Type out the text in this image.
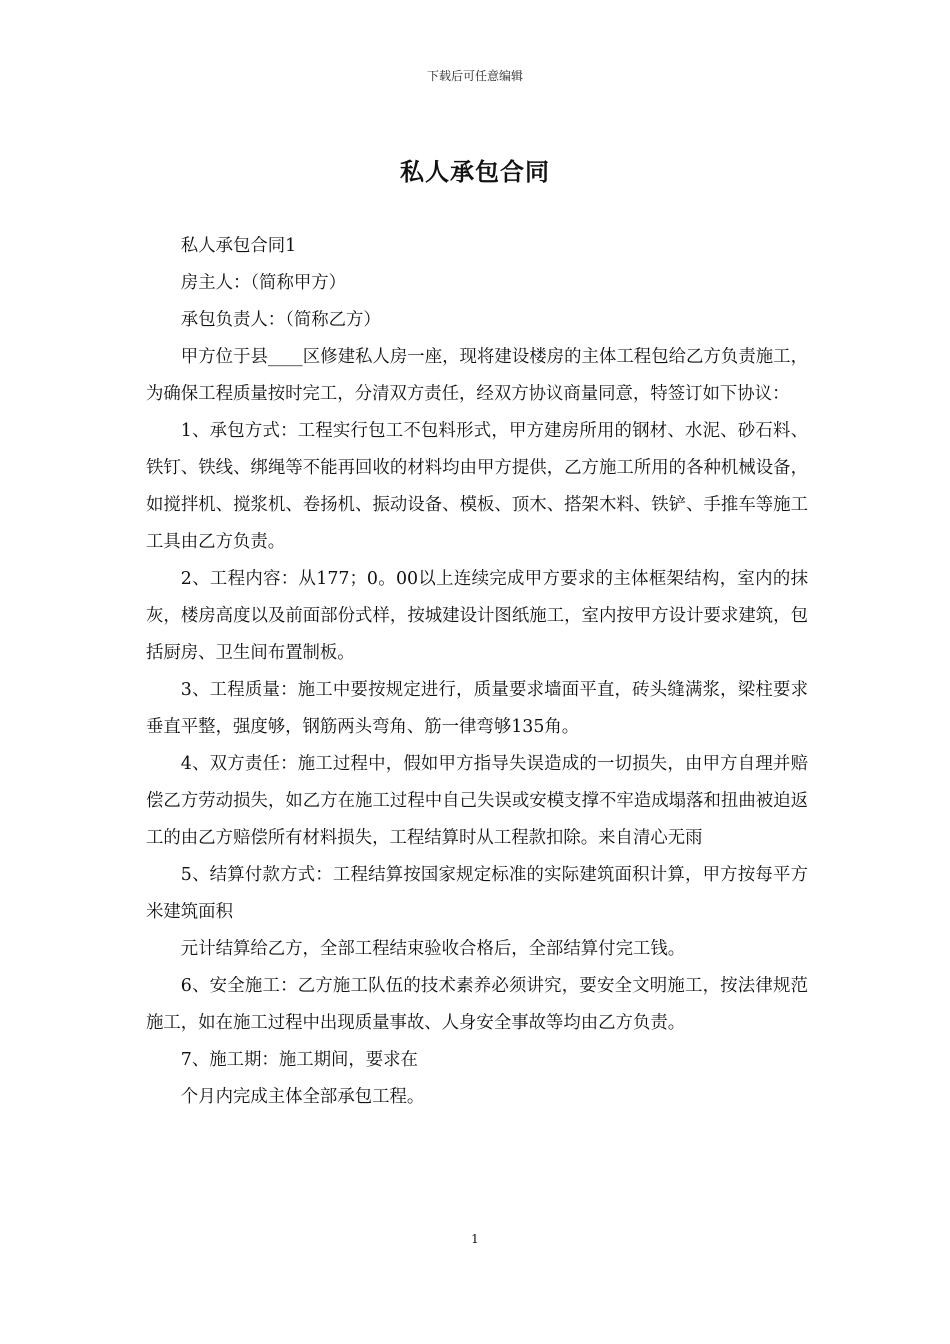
下载后可任意编辑
私人承包合同

私人承包合同1

房主人：（简称甲方）

承包负责人：（简称乙方）

甲方位于县____区修建私人房一座，现将建设楼房的主体工程包给乙方负责施工，为确保工程质量按时完工，分清双方责任，经双方协议商量同意，特签订如下协议：

1、承包方式：工程实行包工不包料形式，甲方建房所用的钢材、水泥、砂石料、铁钉、铁线、绑绳等不能再回收的材料均由甲方提供，乙方施工所用的各种机械设备，如搅拌机、搅浆机、卷扬机、振动设备、模板、顶木、搭架木料、铁铲、手推车等施工工具由乙方负责。

2、工程内容：从177；0。00以上连续完成甲方要求的主体框架结构，室内的抹灰，楼房高度以及前面部份式样，按城建设计图纸施工，室内按甲方设计要求建筑，包括厨房、卫生间布置制板。

3、工程质量：施工中要按规定进行，质量要求墙面平直，砖头缝满浆，梁柱要求垂直平整，强度够，钢筋两头弯角、筋一律弯够135角。

4、双方责任：施工过程中，假如甲方指导失误造成的一切损失，由甲方自理并赔偿乙方劳动损失，如乙方在施工过程中自己失误或安模支撑不牢造成塌落和扭曲被迫返工的由乙方赔偿所有材料损失，工程结算时从工程款扣除。来自清心无雨

5、结算付款方式：工程结算按国家规定标准的实际建筑面积计算，甲方按每平方米建筑面积

元计结算给乙方，全部工程结束验收合格后，全部结算付完工钱。

6、安全施工：乙方施工队伍的技术素养必须讲究，要安全文明施工，按法律规范施工，如在施工过程中出现质量事故、人身安全事故等均由乙方负责。

7、施工期：施工期间，要求在

个月内完成主体全部承包工程。

1
